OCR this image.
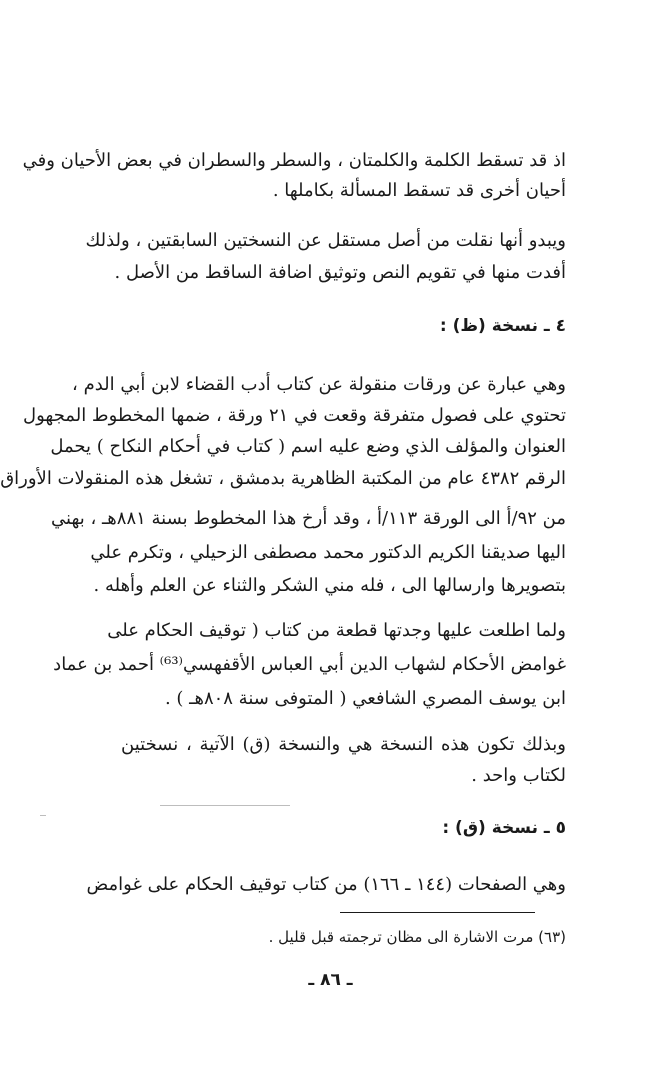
اذ قد تسقط الكلمة والكلمتان ، والسطر والسطران في بعض الأحيان وفي
أحيان أخرى قد تسقط المسألة بكاملها .
ويبدو أنها نقلت من أصل مستقل عن النسختين السابقتين ، ولذلك
أفدت منها في تقويم النص وتوثيق اضافة الساقط من الأصل .
٤ ـ نسخة (ظ) :
وهي عبارة عن ورقات منقولة عن كتاب أدب القضاء لابن أبي الدم ،
تحتوي على فصول متفرقة وقعت في ٢١ ورقة ، ضمها المخطوط المجهول
العنوان والمؤلف الذي وضع عليه اسم ( كتاب في أحكام النكاح ) يحمل
الرقم ٤٣٨٢ عام من المكتبة الظاهرية بدمشق ، تشغل هذه المنقولات الأوراق
من ٩٢/أ الى الورقة ١١٣/أ ، وقد أرخ هذا المخطوط بسنة ٨٨١هـ ، بهني
اليها صديقنا الكريم الدكتور محمد مصطفى الزحيلي ، وتكرم علي
بتصويرها وارسالها الى ، فله مني الشكر والثناء عن العلم وأهله .
ولما اطلعت عليها وجدتها قطعة من كتاب ( توقيف الحكام على
غوامض الأحكام لشهاب الدين أبي العباس الأقفهسي⁽⁶³⁾ أحمد بن عماد
ابن يوسف المصري الشافعي ( المتوفى سنة ٨٠٨هـ ) .
وبذلك تكون هذه النسخة هي والنسخة (ق) الآتية ، نسختين
لكتاب واحد .
٥ ـ نسخة (ق) :
وهي الصفحات (١٤٤ ـ ١٦٦) من كتاب توقيف الحكام على غوامض
(٦٣) مرت الاشارة الى مظان ترجمته قبل قليل .
ـ ٨٦ ـ
